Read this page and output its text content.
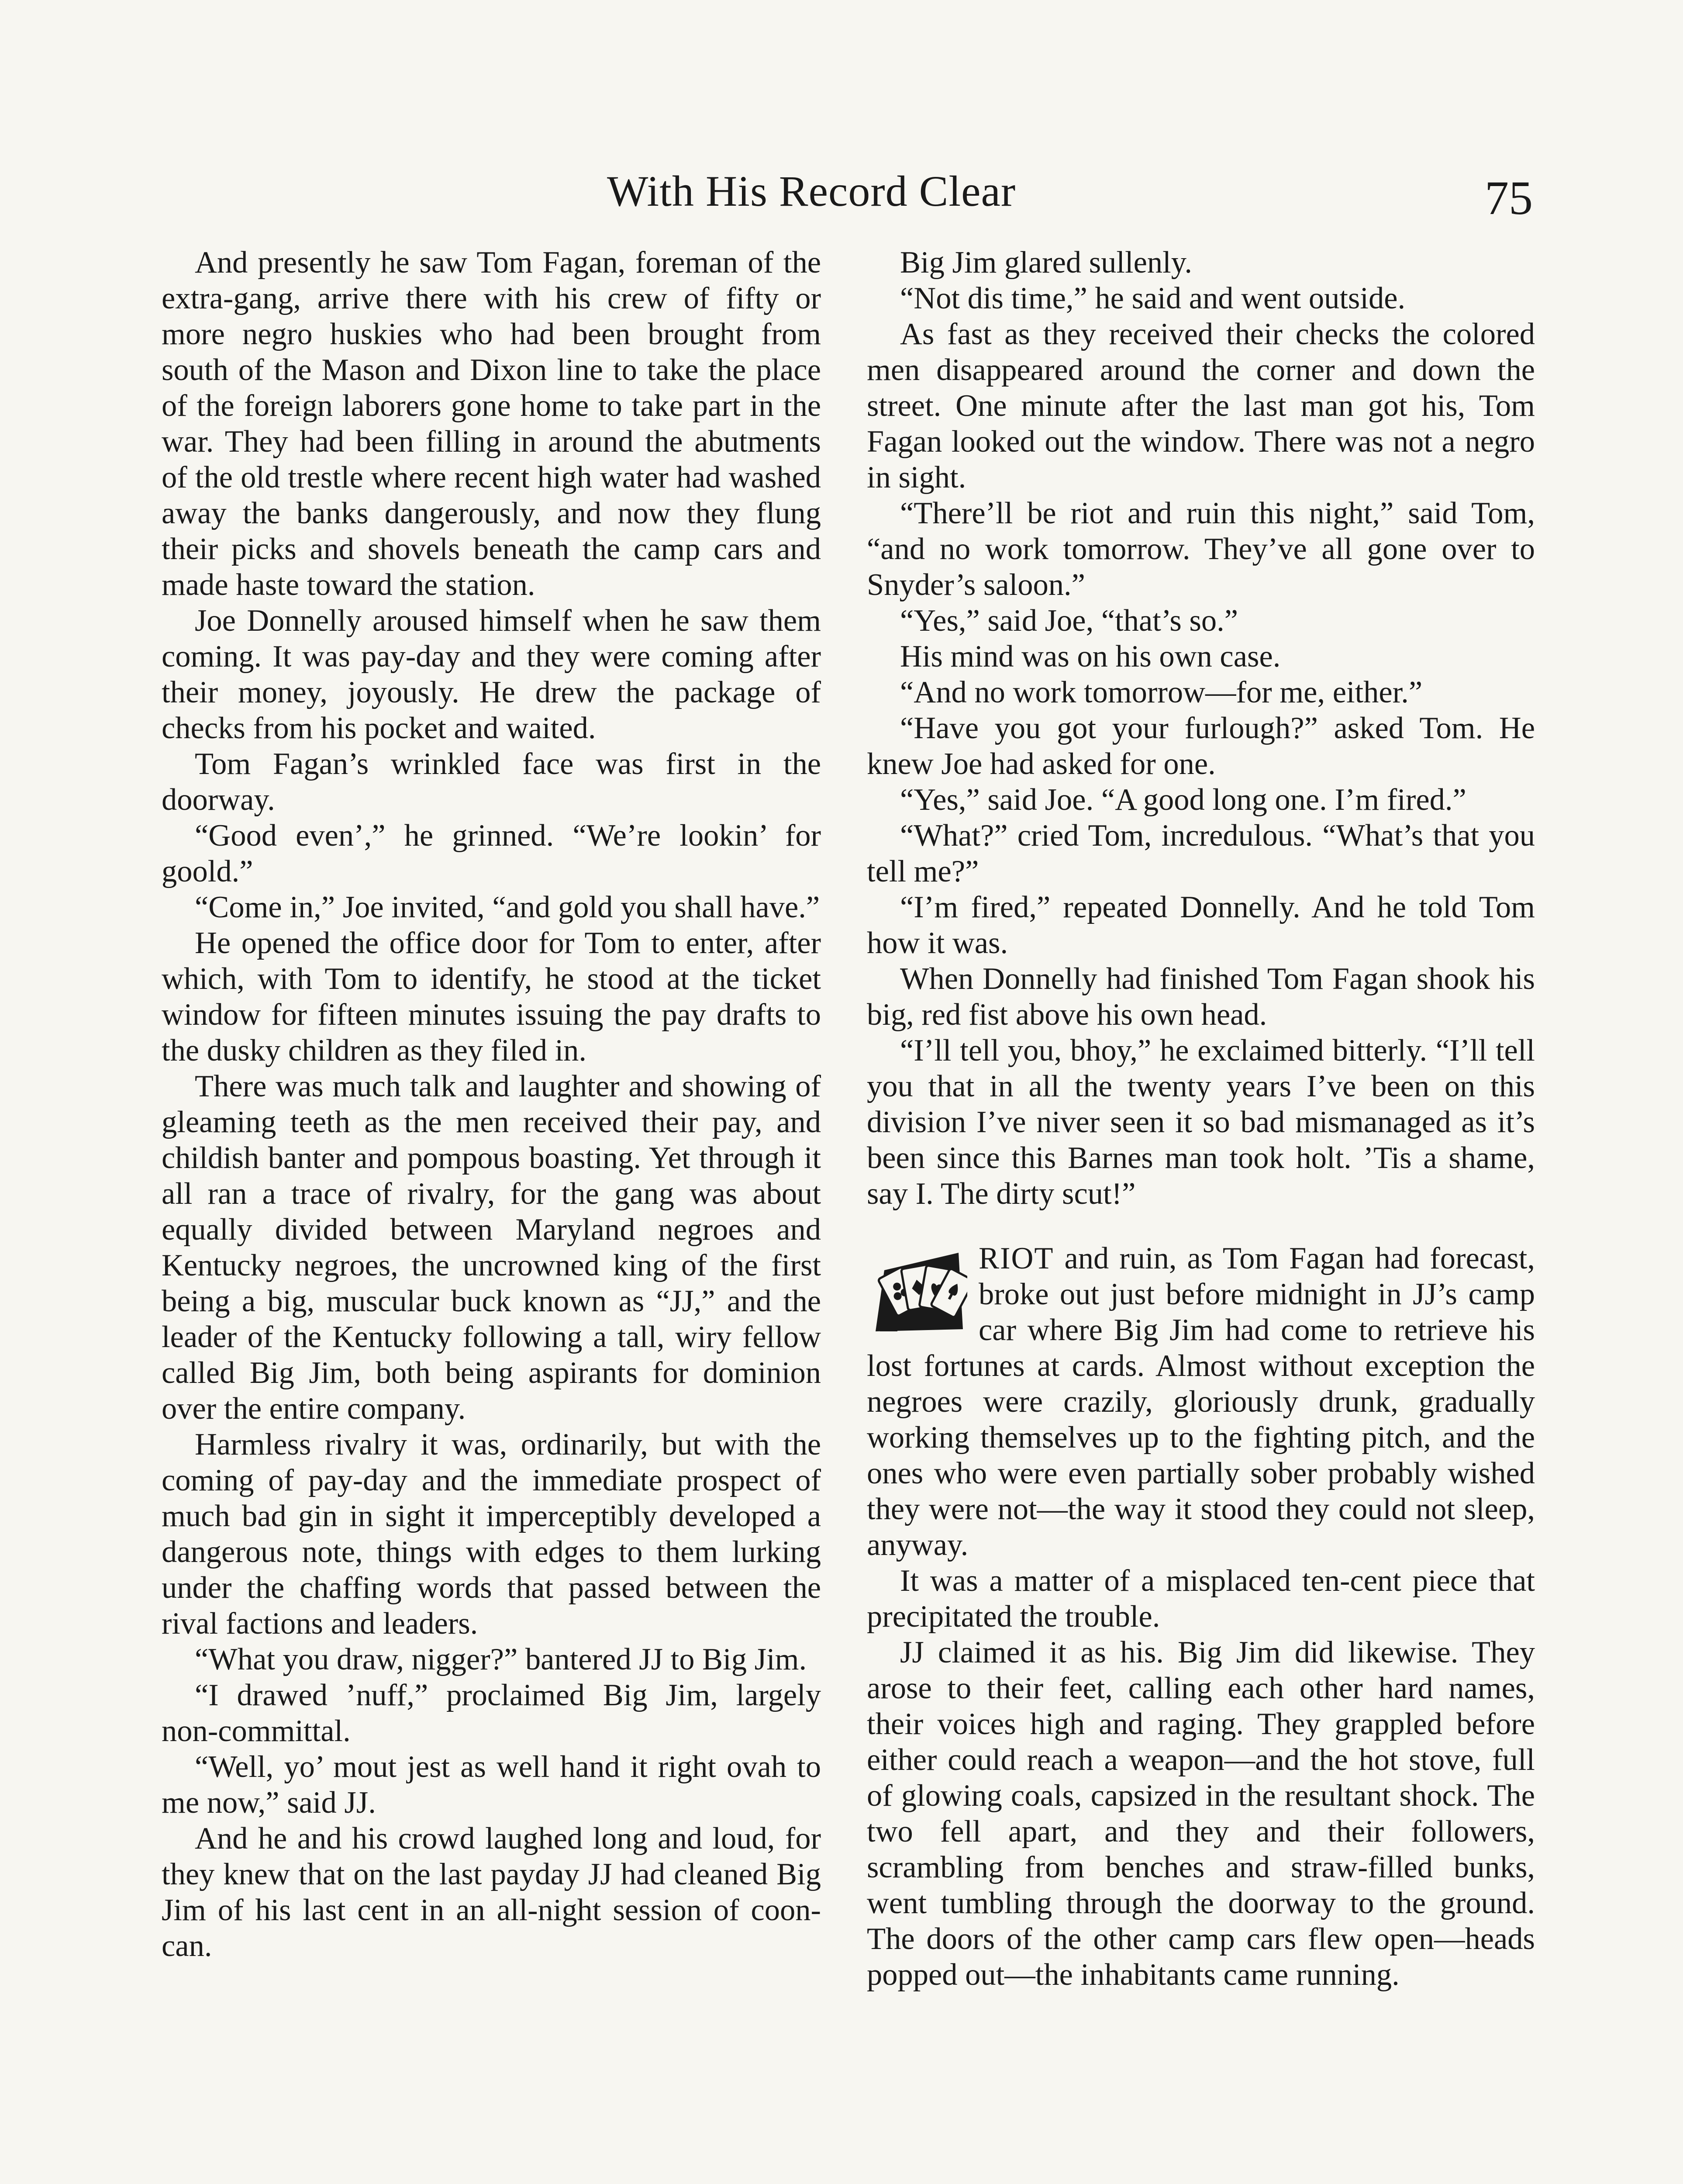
With His Record Clear	75

And presently he saw Tom Fagan, foreman of the extra-gang, arrive there with his crew of fifty or more negro huskies who had been brought from south of the Mason and Dixon line to take the place of the foreign laborers gone home to take part in the war. They had been filling in around the abutments of the old trestle where recent high water had washed away the banks dangerously, and now they flung their picks and shovels beneath the camp cars and made haste toward the station.

Joe Donnelly aroused himself when he saw them coming. It was pay-day and they were coming after their money, joyously. He drew the package of checks from his pocket and waited.

Tom Fagan’s wrinkled face was first in the doorway.

“Good even’,” he grinned. “We’re lookin’ for goold.”

“Come in,” Joe invited, “and gold you shall have.”

He opened the office door for Tom to enter, after which, with Tom to identify, he stood at the ticket window for fifteen minutes issuing the pay drafts to the dusky children as they filed in.

There was much talk and laughter and showing of gleaming teeth as the men received their pay, and childish banter and pompous boasting. Yet through it all ran a trace of rivalry, for the gang was about equally divided between Maryland negroes and Kentucky negroes, the uncrowned king of the first being a big, muscular buck known as “JJ,” and the leader of the Kentucky following a tall, wiry fellow called Big Jim, both being aspirants for dominion over the entire company.

Harmless rivalry it was, ordinarily, but with the coming of pay-day and the immediate prospect of much bad gin in sight it imperceptibly developed a dangerous note, things with edges to them lurking under the chaffing words that passed between the rival factions and leaders.

“What you draw, nigger?” bantered JJ to Big Jim.

“I drawed ’nuff,” proclaimed Big Jim, largely non-committal.

“Well, yo’ mout jest as well hand it right ovah to me now,” said JJ.

And he and his crowd laughed long and loud, for they knew that on the last payday JJ had cleaned Big Jim of his last cent in an all-night session of coon-can.

Big Jim glared sullenly.

“Not dis time,” he said and went outside.

As fast as they received their checks the colored men disappeared around the corner and down the street. One minute after the last man got his, Tom Fagan looked out the window. There was not a negro in sight.

“There’ll be riot and ruin this night,” said Tom, “and no work tomorrow. They’ve all gone over to Snyder’s saloon.”

“Yes,” said Joe, “that’s so.”

His mind was on his own case.

“And no work tomorrow—for me, either.”

“Have you got your furlough?” asked Tom. He knew Joe had asked for one.

“Yes,” said Joe. “A good long one. I’m fired.”

“What?” cried Tom, incredulous. “What’s that you tell me?”

“I’m fired,” repeated Donnelly. And he told Tom how it was.

When Donnelly had finished Tom Fagan shook his big, red fist above his own head.

“I’ll tell you, bhoy,” he exclaimed bitterly. “I’ll tell you that in all the twenty years I’ve been on this division I’ve niver seen it so bad mismanaged as it’s been since this Barnes man took holt. ’Tis a shame, say I. The dirty scut!”

RIOT and ruin, as Tom Fagan had forecast, broke out just before midnight in JJ’s camp car where Big Jim had come to retrieve his lost fortunes at cards. Almost without exception the negroes were crazily, gloriously drunk, gradually working themselves up to the fighting pitch, and the ones who were even partially sober probably wished they were not—the way it stood they could not sleep, anyway.

It was a matter of a misplaced ten-cent piece that precipitated the trouble.

JJ claimed it as his. Big Jim did likewise. They arose to their feet, calling each other hard names, their voices high and raging. They grappled before either could reach a weapon—and the hot stove, full of glowing coals, capsized in the resultant shock. The two fell apart, and they and their followers, scrambling from benches and straw-filled bunks, went tumbling through the doorway to the ground. The doors of the other camp cars flew open—heads popped out—the inhabitants came running.
